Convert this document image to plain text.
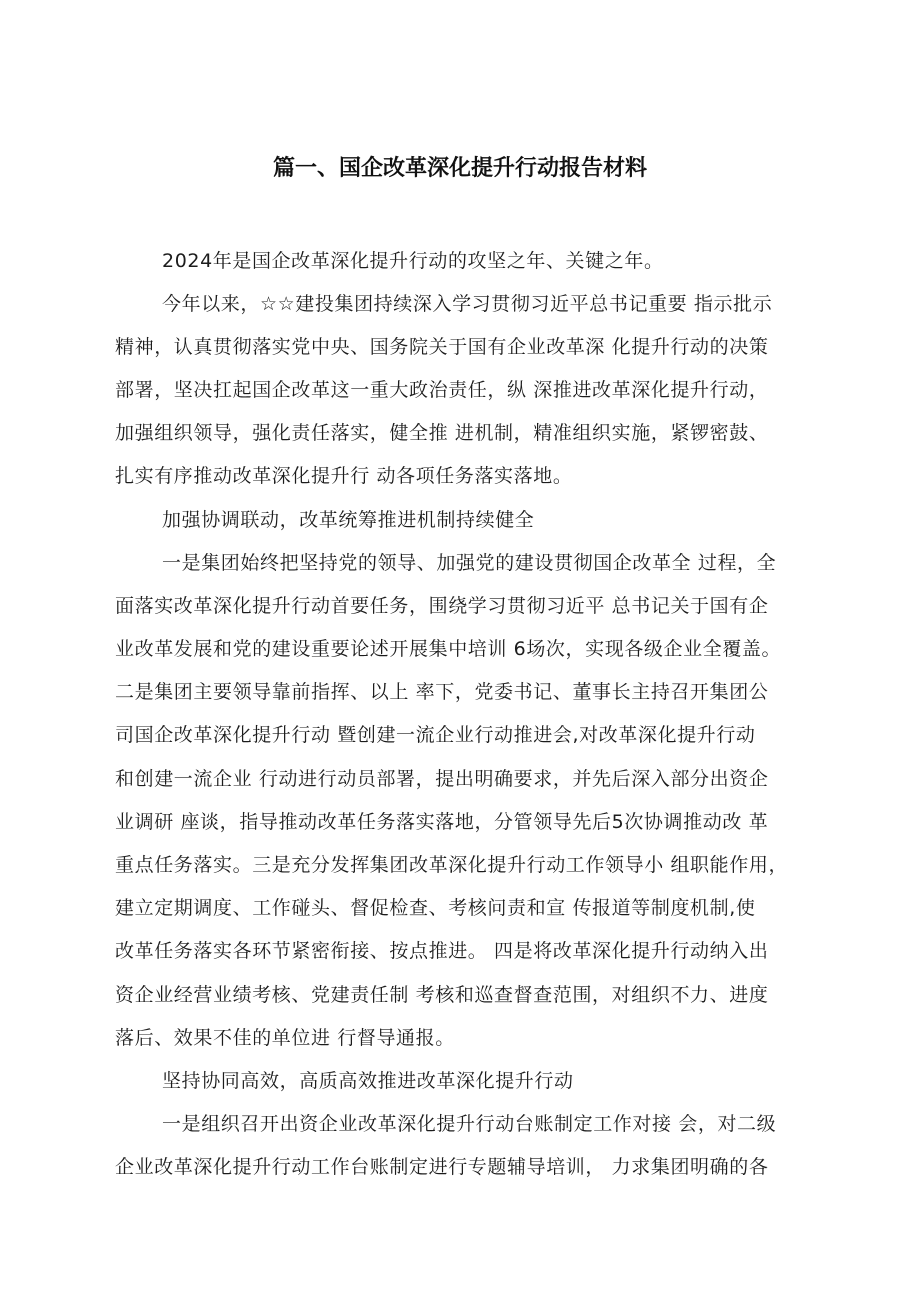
篇一、国企改革深化提升行动报告材料
2024年是国企改革深化提升行动的攻坚之年、关键之年。
今年以来，☆☆建投集团持续深入学习贯彻习近平总书记重要 指示批示
精神，认真贯彻落实党中央、国务院关于国有企业改革深 化提升行动的决策
部署，坚决扛起国企改革这一重大政治责任，纵 深推进改革深化提升行动，
加强组织领导，强化责任落实，健全推 进机制，精准组织实施，紧锣密鼓、
扎实有序推动改革深化提升行 动各项任务落实落地。
加强协调联动，改革统筹推进机制持续健全
一是集团始终把坚持党的领导、加强党的建设贯彻国企改革全 过程，全
面落实改革深化提升行动首要任务，围绕学习贯彻习近平 总书记关于国有企
业改革发展和党的建设重要论述开展集中培训 6场次，实现各级企业全覆盖。
二是集团主要领导靠前指挥、以上 率下，党委书记、董事长主持召开集团公
司国企改革深化提升行动 暨创建一流企业行动推进会,对改革深化提升行动
和创建一流企业 行动进行动员部署，提出明确要求，并先后深入部分出资企
业调研 座谈，指导推动改革任务落实落地，分管领导先后5次协调推动改 革
重点任务落实。三是充分发挥集团改革深化提升行动工作领导小 组职能作用，
建立定期调度、工作碰头、督促检查、考核问责和宣 传报道等制度机制,使
改革任务落实各环节紧密衔接、按点推进。 四是将改革深化提升行动纳入出
资企业经营业绩考核、党建责任制 考核和巡查督查范围，对组织不力、进度
落后、效果不佳的单位进 行督导通报。
坚持协同高效，高质高效推进改革深化提升行动
一是组织召开出资企业改革深化提升行动台账制定工作对接 会，对二级
企业改革深化提升行动工作台账制定进行专题辅导培训， 力求集团明确的各
